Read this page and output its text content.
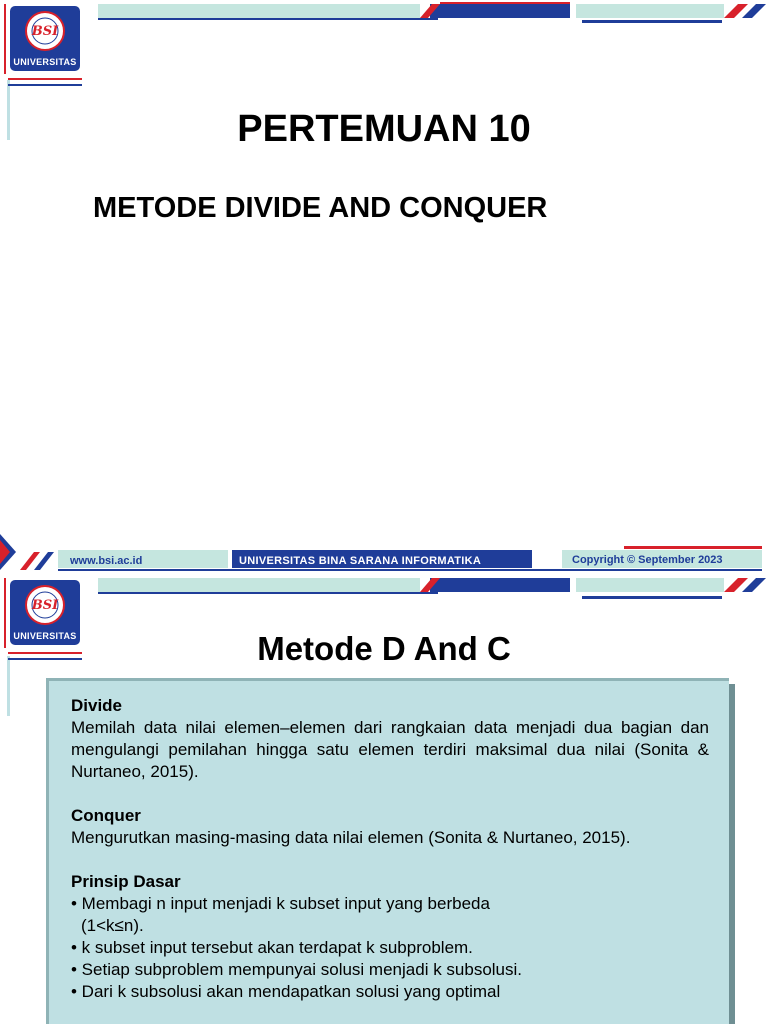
BSI
UNIVERSITAS
PERTEMUAN 10
METODE DIVIDE AND CONQUER
www.bsi.ac.id	UNIVERSITAS BINA SARANA INFORMATIKA	Copyright © September 2023
BSI
UNIVERSITAS	Metode D And C
Divide
Memilah data nilai elemen–elemen dari rangkaian data menjadi dua bagian dan mengulangi pemilahan hingga satu elemen terdiri maksimal dua nilai (Sonita & Nurtaneo, 2015).
Conquer
Mengurutkan masing-masing data nilai elemen (Sonita & Nurtaneo, 2015).
Prinsip Dasar
• Membagi n input menjadi k subset input yang berbeda
(1<k≤n).
• k subset input tersebut akan terdapat k subproblem.
• Setiap subproblem mempunyai solusi menjadi k subsolusi.
• Dari k subsolusi akan mendapatkan solusi yang optimal
